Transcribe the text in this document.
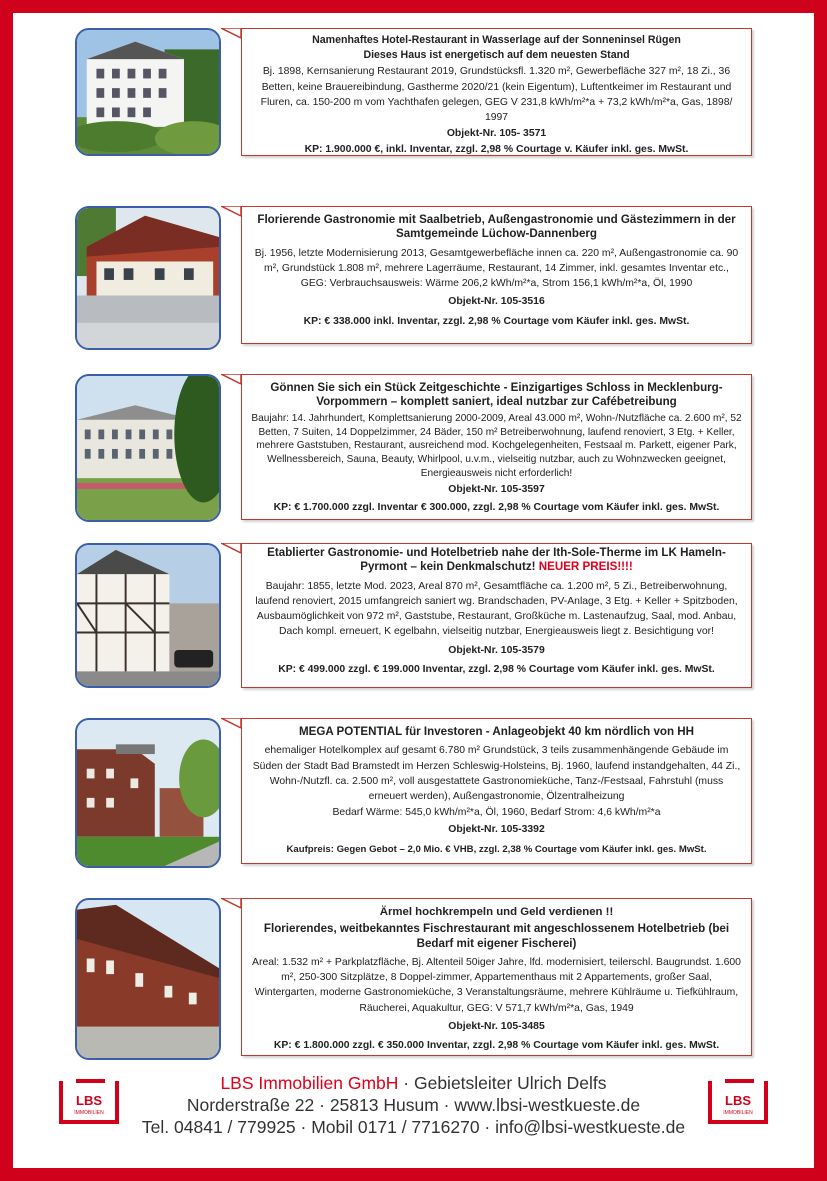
Namenhaftes Hotel-Restaurant in Wasserlage auf der Sonneninsel Rügen
Dieses Haus ist energetisch auf dem neuesten Stand
Bj. 1898, Kernsanierung Restaurant 2019, Grundstücksfl. 1.320 m², Gewerbefläche 327 m², 18 Zi., 36 Betten, keine Brauereibindung, Gastherme 2020/21 (kein Eigentum), Luftentkeimer im Restaurant und Fluren, ca. 150-200 m vom Yachthafen gelegen, GEG V 231,8 kWh/m²*a + 73,2 kWh/m²*a, Gas, 1898/ 1997
Objekt-Nr. 105- 3571
KP: 1.900.000 €, inkl. Inventar, zzgl. 2,98 % Courtage v. Käufer inkl. ges. MwSt.
Florierende Gastronomie mit Saalbetrieb, Außengastronomie und Gästezimmern in der Samtgemeinde Lüchow-Dannenberg
Bj. 1956, letzte Modernisierung 2013, Gesamtgewerbefläche innen ca. 220 m², Außengastronomie ca. 90 m², Grundstück 1.808 m², mehrere Lagerräume, Restaurant, 14 Zimmer, inkl. gesamtes Inventar etc., GEG: Verbrauchsausweis: Wärme 206,2 kWh/m²*a, Strom 156,1 kWh/m²*a, Öl, 1990
Objekt-Nr. 105-3516
KP: € 338.000 inkl. Inventar, zzgl. 2,98 % Courtage vom Käufer inkl. ges. MwSt.
Gönnen Sie sich ein Stück Zeitgeschichte - Einzigartiges Schloss in Mecklenburg-Vorpommern – komplett saniert, ideal nutzbar zur Cafébetreibung
Baujahr: 14. Jahrhundert, Komplettsanierung 2000-2009, Areal 43.000 m², Wohn-/Nutzfläche ca. 2.600 m², 52 Betten, 7 Suiten, 14 Doppelzimmer, 24 Bäder, 150 m² Betreiberwohnung, laufend renoviert, 3 Etg. + Keller, mehrere Gaststuben, Restaurant, ausreichend mod. Kochgelegenheiten, Festsaal m. Parkett, eigener Park, Wellnessbereich, Sauna, Beauty, Whirlpool, u.v.m., vielseitig nutzbar, auch zu Wohnzwecken geeignet, Energieausweis nicht erforderlich!
Objekt-Nr. 105-3597
KP: € 1.700.000 zzgl. Inventar € 300.000, zzgl. 2,98 % Courtage vom Käufer inkl. ges. MwSt.
Etablierter Gastronomie- und Hotelbetrieb nahe der Ith-Sole-Therme im LK Hameln-Pyrmont – kein Denkmalschutz! NEUER PREIS!!!!
Baujahr: 1855, letzte Mod. 2023, Areal 870 m², Gesamtfläche ca. 1.200 m², 5 Zi., Betreiberwohnung, laufend renoviert, 2015 umfangreich saniert wg. Brandschaden, PV-Anlage, 3 Etg. + Keller + Spitzboden, Ausbaumöglichkeit von 972 m², Gaststube, Restaurant, Großküche m. Lastenaufzug, Saal, mod. Anbau, Dach kompl. erneuert, K egelbahn, vielseitig nutzbar, Energieausweis liegt z. Besichtigung vor!
Objekt-Nr. 105-3579
KP: € 499.000 zzgl. € 199.000 Inventar, zzgl. 2,98 % Courtage vom Käufer inkl. ges. MwSt.
MEGA POTENTIAL für Investoren - Anlageobjekt 40 km nördlich von HH
ehemaliger Hotelkomplex auf gesamt 6.780 m² Grundstück, 3 teils zusammenhängende Gebäude im Süden der Stadt Bad Bramstedt im Herzen Schleswig-Holsteins, Bj. 1960, laufend instandgehalten, 44 Zi., Wohn-/Nutzfl. ca. 2.500 m², voll ausgestattete Gastronomieküche, Tanz-/Festsaal, Fahrstuhl (muss erneuert werden), Außengastronomie, Ölzentralheizung
Bedarf Wärme: 545,0 kWh/m²*a, Öl, 1960, Bedarf Strom: 4,6 kWh/m²*a
Objekt-Nr. 105-3392
Kaufpreis: Gegen Gebot – 2,0 Mio. € VHB, zzgl. 2,38 % Courtage vom Käufer inkl. ges. MwSt.
Ärmel hochkrempeln und Geld verdienen !!
Florierendes, weitbekanntes Fischrestaurant mit angeschlossenem Hotelbetrieb (bei Bedarf mit eigener Fischerei)
Areal: 1.532 m² + Parkplatzfläche, Bj. Altenteil 50iger Jahre, lfd. modernisiert, teilerschl. Baugrundst. 1.600 m², 250-300 Sitzplätze, 8 Doppel-zimmer, Appartementhaus mit 2 Appartements, großer Saal, Wintergarten, moderne Gastronomieküche, 3 Veranstaltungsräume, mehrere Kühlräume u. Tiefkühlraum, Räucherei, Aquakultur, GEG: V 571,7 kWh/m²*a, Gas, 1949
Objekt-Nr. 105-3485
KP: € 1.800.000 zzgl. € 350.000 Inventar, zzgl. 2,98 % Courtage vom Käufer inkl. ges. MwSt.
LBS
IMMOBILIEN
LBS
IMMOBILIEN
LBS Immobilien GmbH · Gebietsleiter Ulrich Delfs
Norderstraße 22 · 25813 Husum · www.lbsi-westkueste.de
Tel. 04841 / 779925 · Mobil 0171 / 7716270 · info@lbsi-westkueste.de
